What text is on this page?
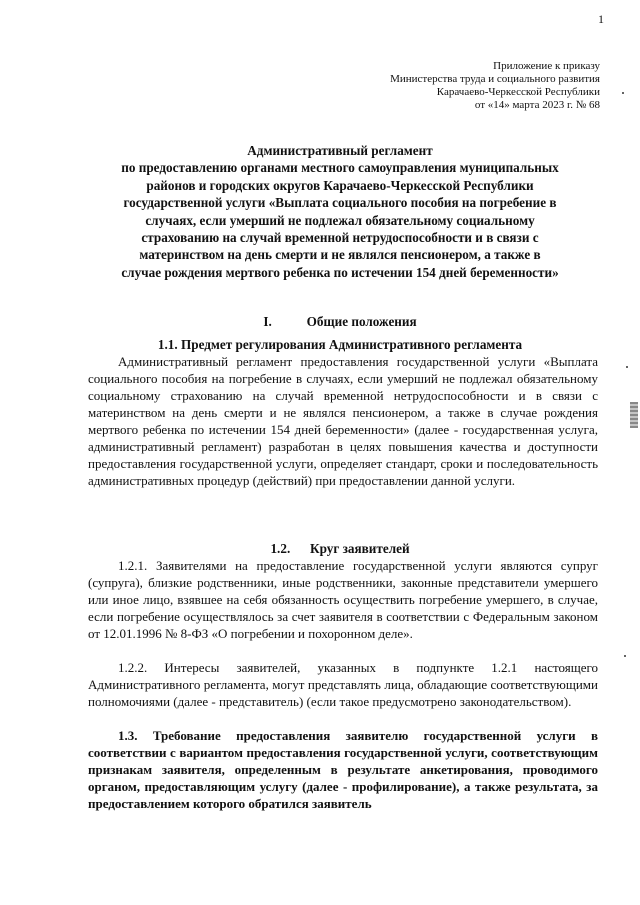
1
Приложение к приказу
Министерства труда и социального развития
Карачаево-Черкесской Республики
от «14» марта 2023 г. № 68
Административный регламент
по предоставлению органами местного самоуправления муниципальных
районов и городских округов Карачаево-Черкесской Республики
государственной услуги «Выплата социального пособия на погребение в
случаях, если умерший не подлежал обязательному социальному
страхованию на случай временной нетрудоспособности и в связи с
материнством на день смерти и не являлся пенсионером, а также в
случае рождения мертвого ребенка по истечении 154 дней беременности»
I.	Общие положения
1.1. Предмет регулирования Административного регламента
Административный регламент предоставления государственной услуги «Выплата социального пособия на погребение в случаях, если умерший не подлежал обязательному социальному страхованию на случай временной нетрудоспособности и в связи с материнством на день смерти и не являлся пенсионером, а также в случае рождения мертвого ребенка по истечении 154 дней беременности» (далее - государственная услуга, административный регламент) разработан в целях повышения качества и доступности предоставления государственной услуги, определяет стандарт, сроки и последовательность административных процедур (действий) при предоставлении данной услуги.
1.2.      Круг заявителей
1.2.1. Заявителями на предоставление государственной услуги являются супруг (супруга), близкие родственники, иные родственники, законные представители умершего или иное лицо, взявшее на себя обязанность осуществить погребение умершего, в случае, если погребение осуществлялось за счет заявителя в соответствии с Федеральным законом от 12.01.1996 № 8-ФЗ «О погребении и похоронном деле».
1.2.2. Интересы заявителей, указанных в подпункте 1.2.1 настоящего Административного регламента, могут представлять лица, обладающие соответствующими полномочиями (далее - представитель) (если такое предусмотрено законодательством).
1.3. Требование предоставления заявителю государственной услуги в соответствии с вариантом предоставления государственной услуги, соответствующим признакам заявителя, определенным в результате анкетирования, проводимого органом, предоставляющим услугу (далее - профилирование), а также результата, за предоставлением которого обратился заявитель
